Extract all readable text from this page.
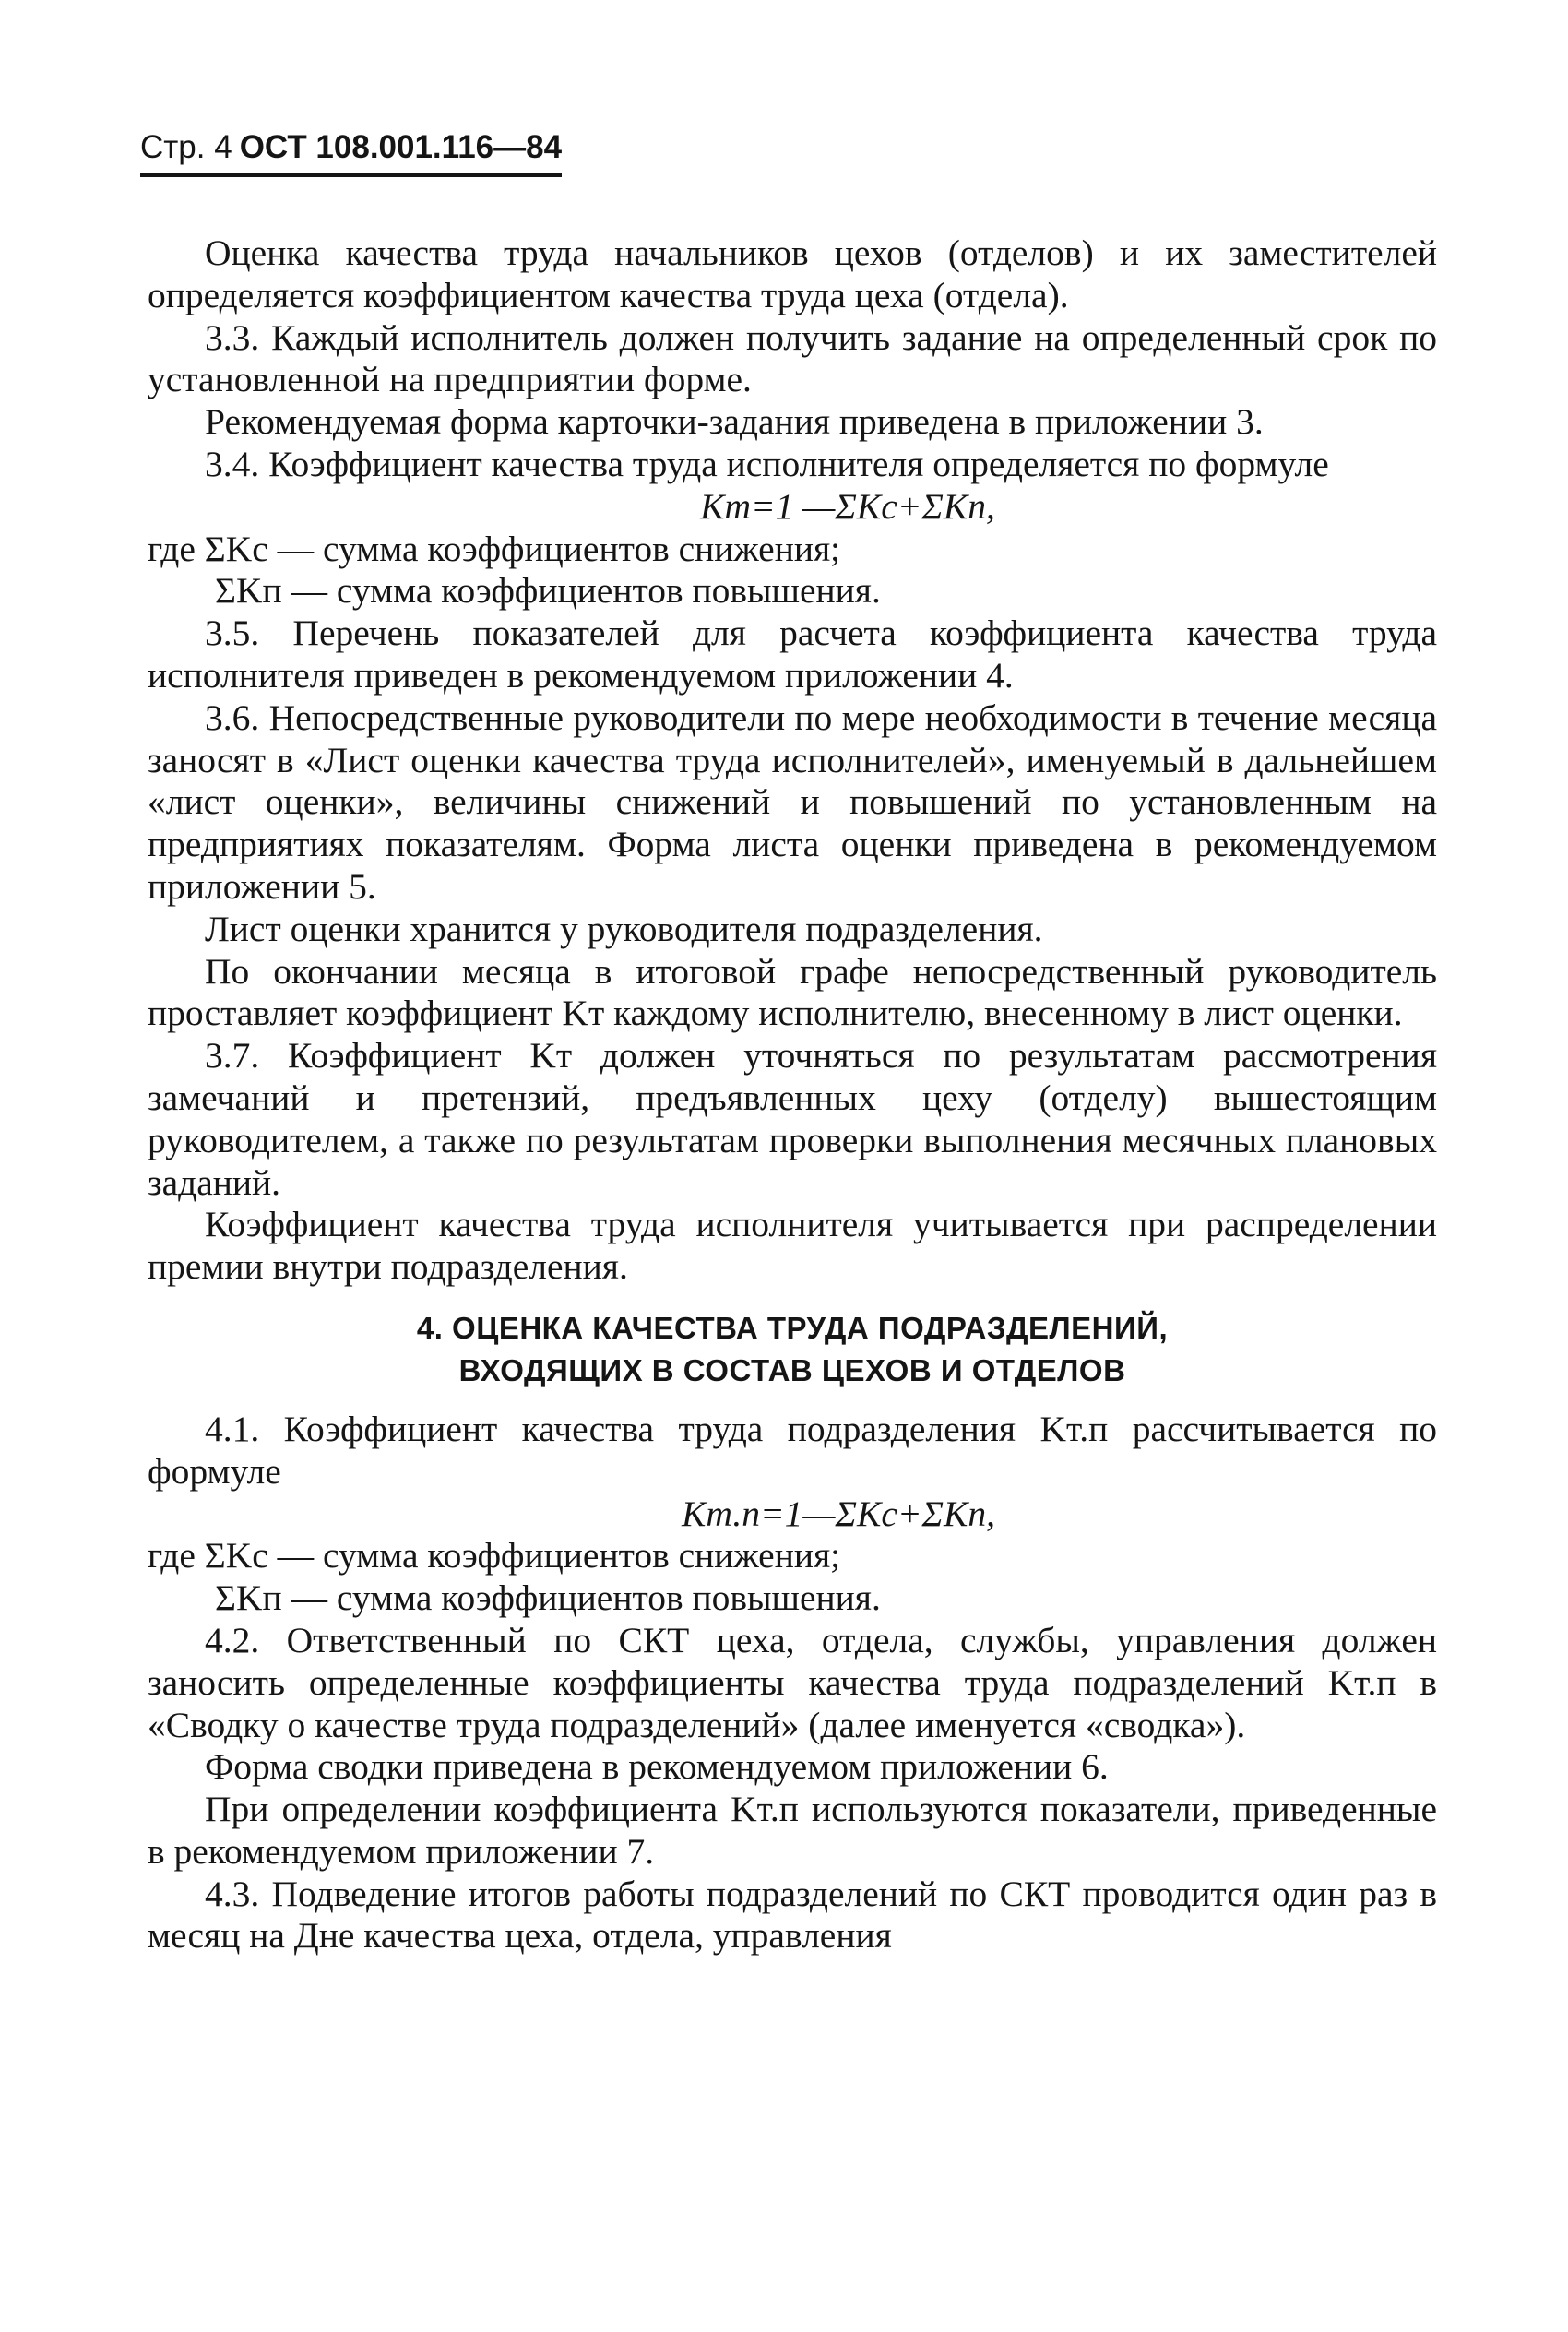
Стр. 4 ОСТ 108.001.116—84

Оценка качества труда начальников цехов (отделов) и их заместителей определяется коэффициентом качества труда цеха (отдела).

3.3. Каждый исполнитель должен получить задание на определенный срок по установленной на предприятии форме.

Рекомендуемая форма карточки-задания приведена в приложении 3.

3.4. Коэффициент качества труда исполнителя определяется по формуле

Kт=1 —ΣKс+ΣKп,
где ΣKс — сумма коэффициентов снижения;
ΣKп — сумма коэффициентов повышения.

3.5. Перечень показателей для расчета коэффициента качества труда исполнителя приведен в рекомендуемом приложении 4.

3.6. Непосредственные руководители по мере необходимости в течение месяца заносят в «Лист оценки качества труда исполнителей», именуемый в дальнейшем «лист оценки», величины снижений и повышений по установленным на предприятиях показателям. Форма листа оценки приведена в рекомендуемом приложении 5.

Лист оценки хранится у руководителя подразделения.

По окончании месяца в итоговой графе непосредственный руководитель проставляет коэффициент Kт каждому исполнителю, внесенному в лист оценки.

3.7. Коэффициент Kт должен уточняться по результатам рассмотрения замечаний и претензий, предъявленных цеху (отделу) вышестоящим руководителем, а также по результатам проверки выполнения месячных плановых заданий.

Коэффициент качества труда исполнителя учитывается при распределении премии внутри подразделения.

4. ОЦЕНКА КАЧЕСТВА ТРУДА ПОДРАЗДЕЛЕНИЙ,
ВХОДЯЩИХ В СОСТАВ ЦЕХОВ И ОТДЕЛОВ

4.1. Коэффициент качества труда подразделения Kт.п рассчитывается по формуле

Kт.п=1—ΣKс+ΣKп,
где ΣKс — сумма коэффициентов снижения;
ΣKп — сумма коэффициентов повышения.

4.2. Ответственный по СКТ цеха, отдела, службы, управления должен заносить определенные коэффициенты качества труда подразделений Kт.п в «Сводку о качестве труда подразделений» (далее именуется «сводка»).

Форма сводки приведена в рекомендуемом приложении 6.

При определении коэффициента Kт.п используются показатели, приведенные в рекомендуемом приложении 7.

4.3. Подведение итогов работы подразделений по СКТ проводится один раз в месяц на Дне качества цеха, отдела, управления
